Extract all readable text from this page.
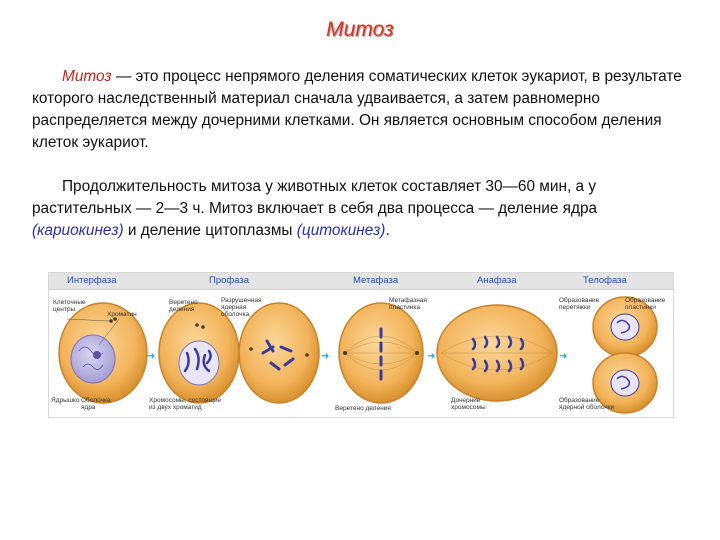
Митоз

Митоз — это процесс непрямого деления соматических клеток эукариот, в результате которого наследственный материал сначала удваивается, а затем равномерно распределяется между дочерними клетками. Он является основным способом деления клеток эукариот.

Продолжительность митоза у животных клеток составляет 30—60 мин, а у растительных — 2—3 ч. Митоз включает в себя два процесса — деление ядра (кариокинез) и деление цитоплазмы (цитокинез).

Интерфаза	Профаза	Метафаза	Анафаза	Телофаза
➜	➜	➜	➜
Клеточные
центры
Хроматин
Ядрышко Оболочка
ядра
Веретено
деления
Разрушенная
ядерная
оболочка
Хромосомы, состоящие
из двух хроматид
Метафазная
пластинка
Веретено деления
Дочерние
хромосомы
Образование
перетяжки
Образование
пластинки
Образование
ядерной оболочки
